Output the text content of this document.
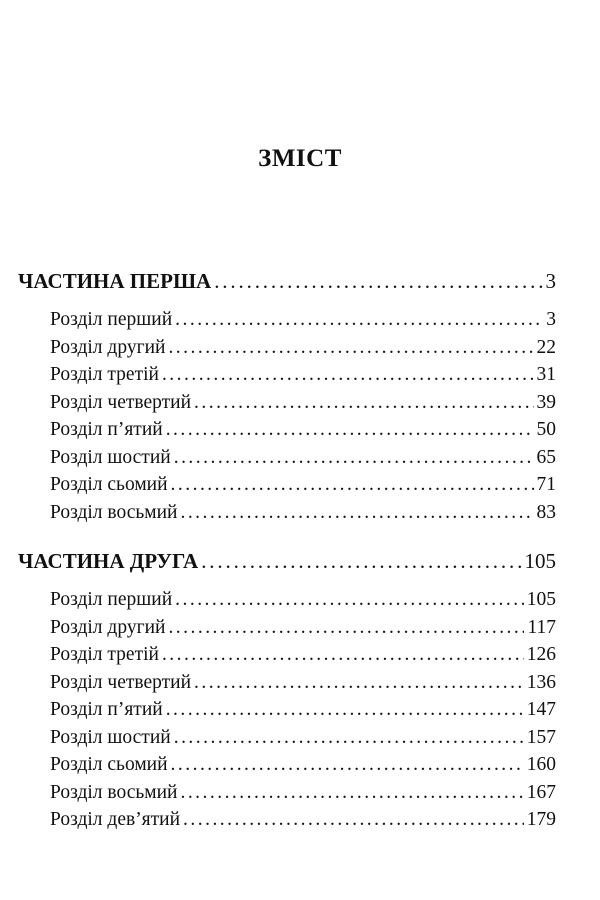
ЗМІСТ
ЧАСТИНА ПЕРША . . .	3
Розділ перший . . .	3
Розділ другий . . .	22
Розділ третій . . .	31
Розділ четвертий . . .	39
Розділ п’ятий . . .	50
Розділ шостий . . .	65
Розділ сьомий . . .	71
Розділ восьмий . . .	83
ЧАСТИНА ДРУГА . . .	105
Розділ перший . . .	105
Розділ другий . . .	117
Розділ третій . . .	126
Розділ четвертий . . .	136
Розділ п’ятий . . .	147
Розділ шостий . . .	157
Розділ сьомий . . .	160
Розділ восьмий . . .	167
Розділ дев’ятий . . .	179
